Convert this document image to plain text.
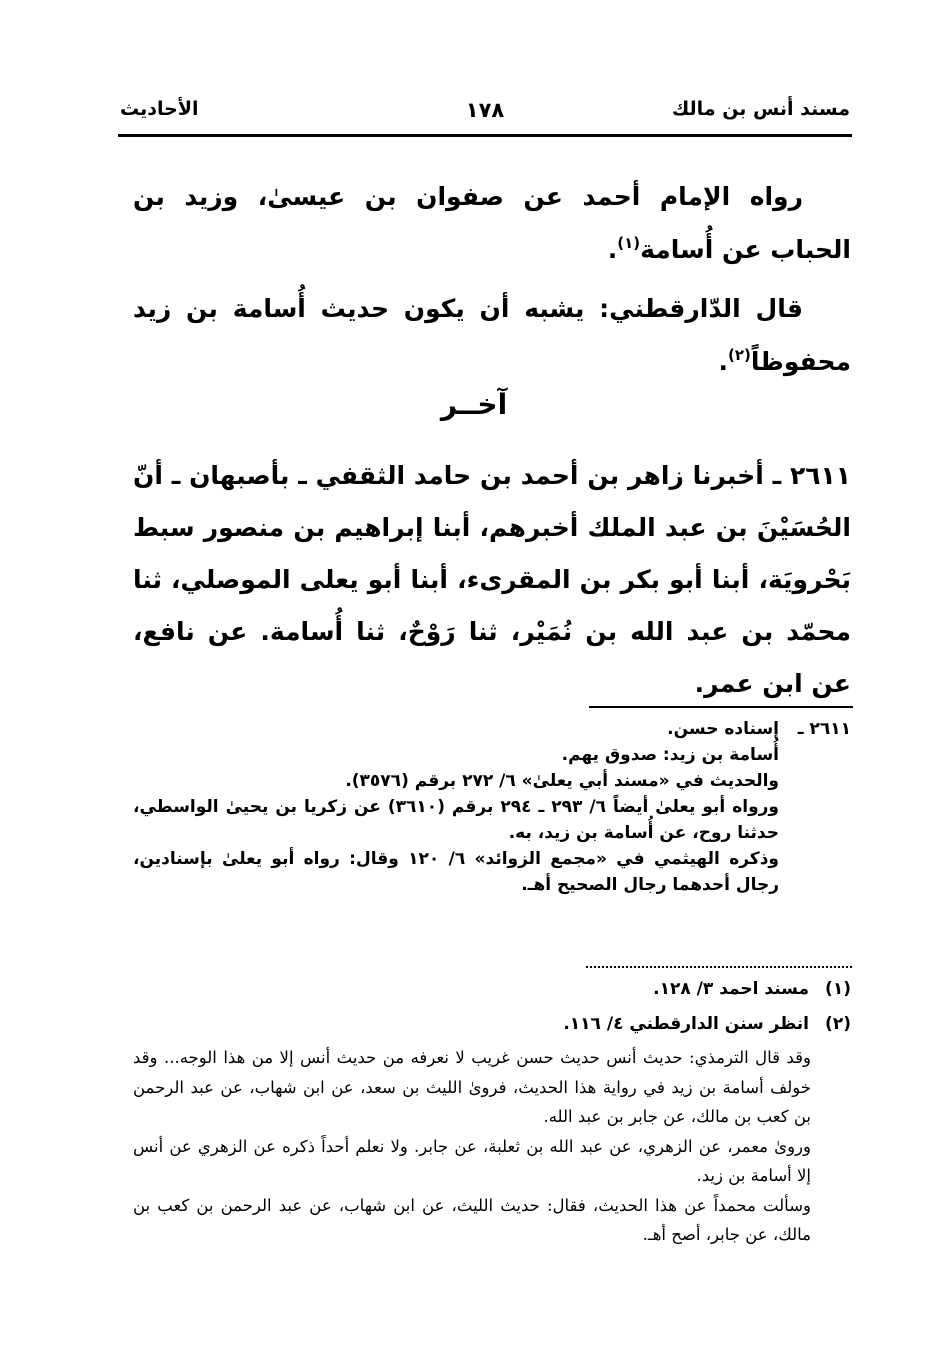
مسند أنس بن مالك
١٧٨
الأحاديث
رواه الإمام أحمد عن صفوان بن عيسىٰ، وزيد بن الحباب عن أُسامة$^{(١)}$.
قال الدّارقطني: يشبه أن يكون حديث أُسامة بن زيد محفوظاً$^{(٢)}$.
آخــر
٢٦١١ ـ أخبرنا زاهر بن أحمد بن حامد الثقفي ـ بأصبهان ـ أنّ الحُسَيْنَ بن عبد الملك أخبرهم، أبنا إبراهيم بن منصور سبط بَحْرويَة، أبنا أبو بكر بن المقرىء، أبنا أبو يعلى الموصلي، ثنا محمّد بن عبد الله بن نُمَيْر، ثنا رَوْحٌ، ثنا أُسامة. عن نافع، عن ابن عمر.
٢٦١١ ـ

إسناده حسن.

أُسامة بن زيد: صدوق يهم.

والحديث في «مسند أبي يعلىٰ» ٦/ ٢٧٢ برقم (٣٥٧٦).

ورواه أبو يعلىٰ أيضاً ٦/ ٢٩٣ ـ ٢٩٤ برقم (٣٦١٠) عن زكريا بن يحيىٰ الواسطي، حدثنا روح، عن أُسامة بن زيد، به.

وذكره الهيثمي في «مجمع الزوائد» ٦/ ١٢٠ وقال: رواه أبو يعلىٰ بإسنادين، رجال أحدهما رجال الصحيح أهـ.

(١)مسند احمد ٣/ ١٢٨.
(٢)انظر سنن الدارقطني ٤/ ١١٦.

وقد قال الترمذي: حديث أنس حديث حسن غريب لا نعرفه من حديث أنس إلا من هذا الوجه... وقد خولف أسامة بن زيد في رواية هذا الحديث، فروىٰ الليث بن سعد، عن ابن شهاب، عن عبد الرحمن بن كعب بن مالك، عن جابر بن عبد الله.

وروىٰ معمر، عن الزهري، عن عبد الله بن ثعلبة، عن جابر. ولا نعلم أحداً ذكره عن الزهري عن أنس إلا أسامة بن زيد.

وسألت محمداً عن هذا الحديث، فقال: حديث الليث، عن ابن شهاب، عن عبد الرحمن بن كعب بن مالك، عن جابر، أصح أهـ.
